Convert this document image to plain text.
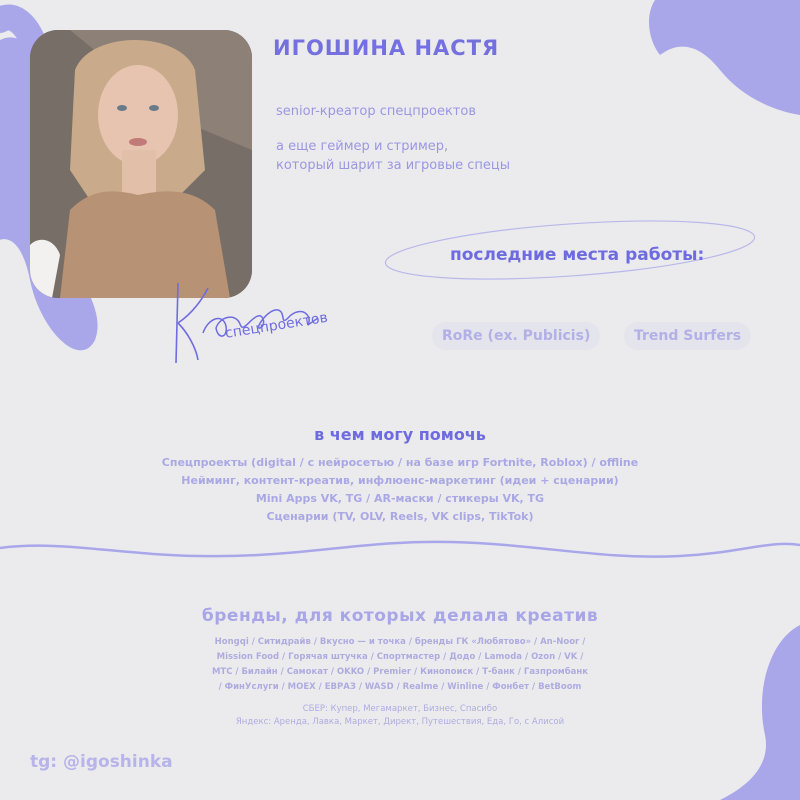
спецпроектов
ИГОШИНА НАСТЯ
senior-креатор спецпроектов
а еще геймер и стример,
который шарит за игровые спецы
последние места работы:
RoRe (ex. Publicis)	Trend Surfers
в чем могу помочь
Спецпроекты (digital / с нейросетью / на базе игр Fortnite, Roblox) / offline
Нейминг, контент-креатив, инфлюенс-маркетинг (идеи + сценарии)
Mini Apps VK, TG / AR-маски / стикеры VK, TG
Сценарии (TV, OLV, Reels, VK clips, TikTok)
бренды, для которых делала креатив
Hongqi / Ситидрайв / Вкусно — и точка / бренды ГК «Любятово» / An-Noor /
Mission Food / Горячая штучка / Спортмастер / Додо / Lamoda / Ozon / VK /
МТС / Билайн / Самокат / OKKO / Premier / Кинопоиск / Т-банк / Газпромбанк
/ ФинУслуги / MOEX / ЕВРАЗ / WASD / Realme / Winline / Фонбет / BetBoom
СБЕР: Купер, Мегамаркет, Бизнес, Спасибо
Яндекс: Аренда, Лавка, Маркет, Директ, Путешествия, Еда, Го, с Алисой
tg: @igoshinka
